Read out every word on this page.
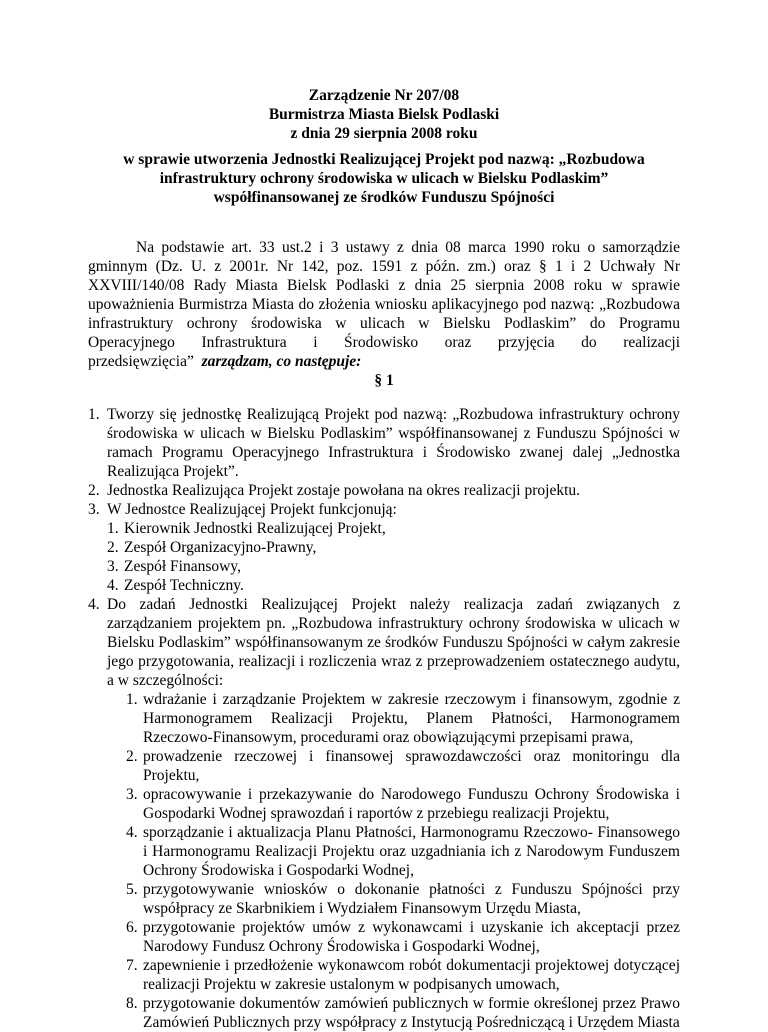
Zarządzenie Nr 207/08
Burmistrza Miasta Bielsk Podlaski
z dnia 29 sierpnia 2008 roku
w sprawie utworzenia Jednostki Realizującej Projekt pod nazwą: „Rozbudowa infrastruktury ochrony środowiska w ulicach w Bielsku Podlaskim” współfinansowanej ze środków Funduszu Spójności

Na podstawie art. 33 ust.2 i 3 ustawy z dnia 08 marca 1990 roku o samorządzie gminnym (Dz. U. z 2001r. Nr 142, poz. 1591 z późn. zm.) oraz § 1 i 2 Uchwały Nr XXVIII/140/08 Rady Miasta Bielsk Podlaski z dnia 25 sierpnia 2008 roku w sprawie upoważnienia Burmistrza Miasta do złożenia wniosku aplikacyjnego pod nazwą: „Rozbudowa infrastruktury ochrony środowiska w ulicach w Bielsku Podlaskim” do Programu Operacyjnego Infrastruktura i Środowisko oraz przyjęcia do realizacji przedsięwzięcia” zarządzam, co następuje:

§ 1
1. Tworzy się jednostkę Realizującą Projekt pod nazwą: „Rozbudowa infrastruktury ochrony środowiska w ulicach w Bielsku Podlaskim” współfinansowanej z Funduszu Spójności w ramach Programu Operacyjnego Infrastruktura i Środowisko zwanej dalej „Jednostka Realizująca Projekt”.
2. Jednostka Realizująca Projekt zostaje powołana na okres realizacji projektu.
3. W Jednostce Realizującej Projekt funkcjonują:
1. Kierownik Jednostki Realizującej Projekt,
2. Zespół Organizacyjno-Prawny,
3. Zespół Finansowy,
4. Zespół Techniczny.
4. Do zadań Jednostki Realizującej Projekt należy realizacja zadań związanych z zarządzaniem projektem pn. „Rozbudowa infrastruktury ochrony środowiska w ulicach w Bielsku Podlaskim” współfinansowanym ze środków Funduszu Spójności w całym zakresie jego przygotowania, realizacji i rozliczenia wraz z przeprowadzeniem ostatecznego audytu, a w szczególności:
1. wdrażanie i zarządzanie Projektem w zakresie rzeczowym i finansowym, zgodnie z Harmonogramem Realizacji Projektu, Planem Płatności, Harmonogramem Rzeczowo-Finansowym, procedurami oraz obowiązującymi przepisami prawa,
2. prowadzenie rzeczowej i finansowej sprawozdawczości oraz monitoringu dla Projektu,
3. opracowywanie i przekazywanie do Narodowego Funduszu Ochrony Środowiska i Gospodarki Wodnej sprawozdań i raportów z przebiegu realizacji Projektu,
4. sporządzanie i aktualizacja Planu Płatności, Harmonogramu Rzeczowo- Finansowego i Harmonogramu Realizacji Projektu oraz uzgadniania ich z Narodowym Funduszem Ochrony Środowiska i Gospodarki Wodnej,
5. przygotowywanie wniosków o dokonanie płatności z Funduszu Spójności przy współpracy ze Skarbnikiem i Wydziałem Finansowym Urzędu Miasta,
6. przygotowanie projektów umów z wykonawcami i uzyskanie ich akceptacji przez Narodowy Fundusz Ochrony Środowiska i Gospodarki Wodnej,
7. zapewnienie i przedłożenie wykonawcom robót dokumentacji projektowej dotyczącej realizacji Projektu w zakresie ustalonym w podpisanych umowach,
8. przygotowanie dokumentów zamówień publicznych w formie określonej przez Prawo Zamówień Publicznych przy współpracy z Instytucją Pośredniczącą i Urzędem Miasta
